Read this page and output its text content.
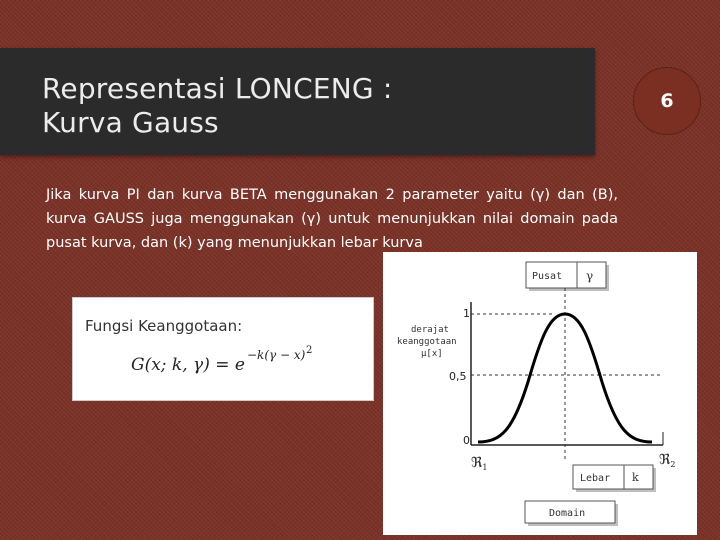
Representasi LONCENG :
Kurva Gauss
6
Jika kurva PI dan kurva BETA menggunakan 2 parameter yaitu (γ) dan (Β), kurva GAUSS juga menggunakan (γ) untuk menunjukkan nilai domain pada pusat kurva, dan (k) yang menunjukkan lebar kurva
Fungsi Keanggotaan:
G(x; k, γ) = e −k(γ − x) 2
Pusat γ
1
0,5
0
derajat
keanggotaan
μ[x]
ℜ$_1$	ℜ$_2$
Lebar k
Domain
